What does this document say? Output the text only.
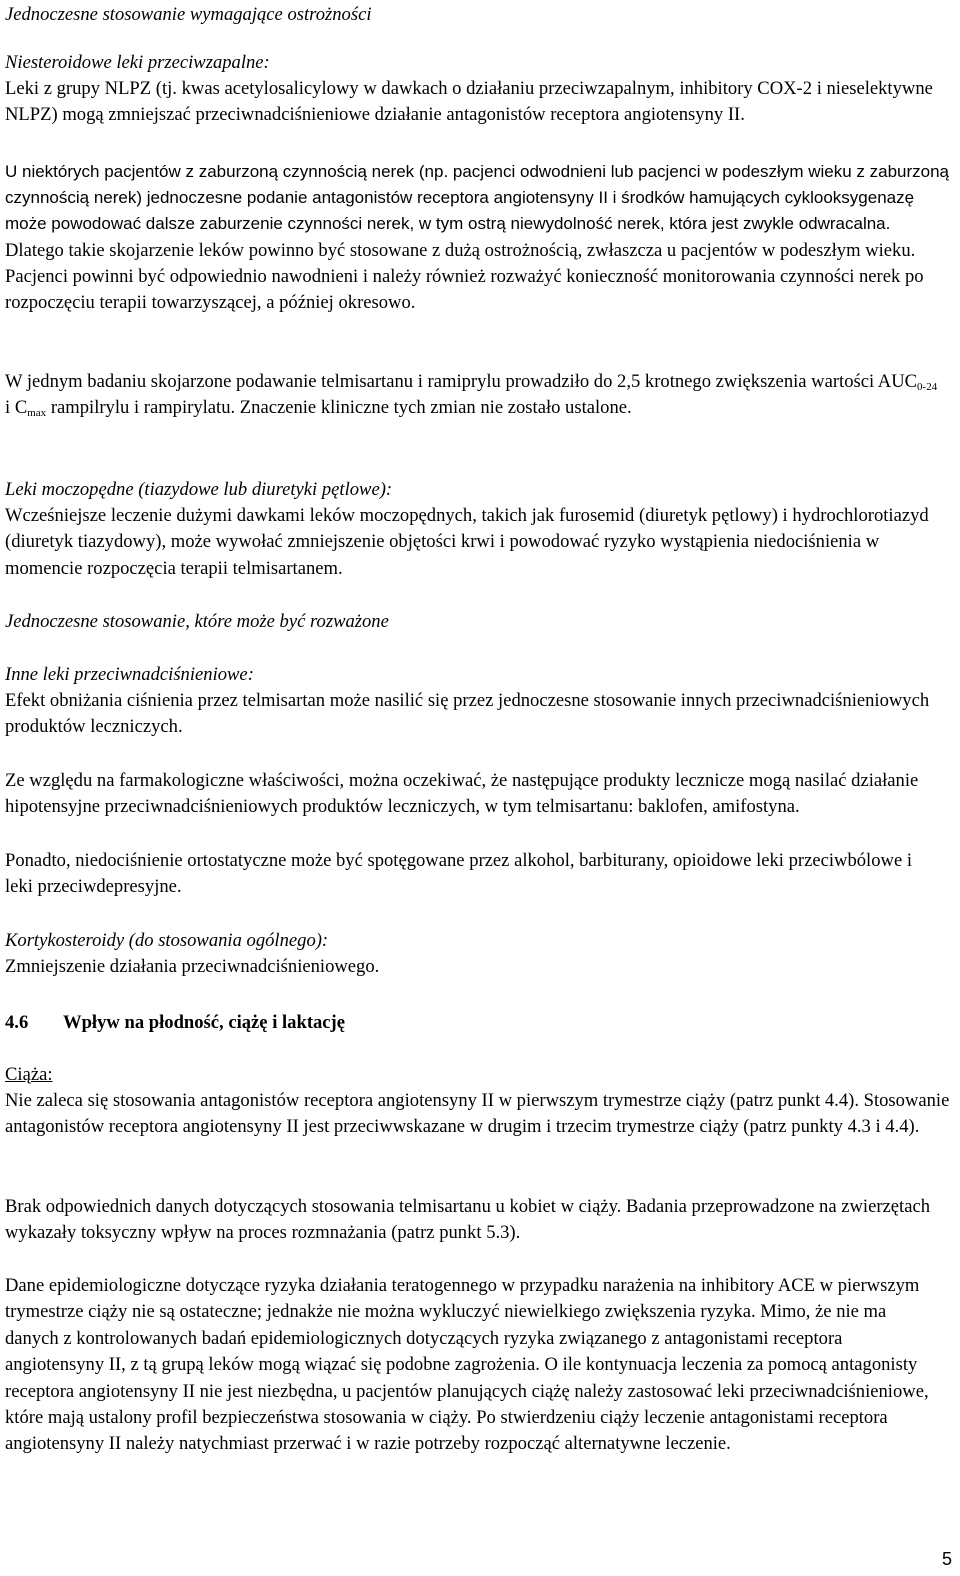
Jednoczesne stosowanie wymagające ostrożności

Niesteroidowe leki przeciwzapalne:

Leki z grupy NLPZ (tj. kwas acetylosalicylowy w dawkach o działaniu przeciwzapalnym, inhibitory COX-2 i nieselektywne NLPZ) mogą zmniejszać przeciwnadciśnieniowe działanie antagonistów receptora angiotensyny II.

U niektórych pacjentów z zaburzoną czynnością nerek (np. pacjenci odwodnieni lub pacjenci w podeszłym wieku z zaburzoną czynnością nerek) jednoczesne podanie antagonistów receptora angiotensyny II i środków hamujących cyklooksygenazę może powodować dalsze zaburzenie czynności nerek, w tym ostrą niewydolność nerek, która jest zwykle odwracalna. Dlatego takie skojarzenie leków powinno być stosowane z dużą ostrożnością, zwłaszcza u pacjentów w podeszłym wieku. Pacjenci powinni być odpowiednio nawodnieni i należy również rozważyć konieczność monitorowania czynności nerek po rozpoczęciu terapii towarzyszącej, a później okresowo.

W jednym badaniu skojarzone podawanie telmisartanu i ramiprylu prowadziło do 2,5 krotnego zwiększenia wartości $AUC_{0-24}$ i $C_{max}$ rampilrylu i rampirylatu. Znaczenie kliniczne tych zmian nie zostało ustalone.

Leki moczopędne (tiazydowe lub diuretyki pętlowe):

Wcześniejsze leczenie dużymi dawkami leków moczopędnych, takich jak furosemid (diuretyk pętlowy) i hydrochlorotiazyd (diuretyk tiazydowy), może wywołać zmniejszenie objętości krwi i powodować ryzyko wystąpienia niedociśnienia w momencie rozpoczęcia terapii telmisartanem.

Jednoczesne stosowanie, które może być rozważone

Inne leki przeciwnadciśnieniowe:

Efekt obniżania ciśnienia przez telmisartan może nasilić się przez jednoczesne stosowanie innych przeciwnadciśnieniowych produktów leczniczych.

Ze względu na farmakologiczne właściwości, można oczekiwać, że następujące produkty lecznicze mogą nasilać działanie hipotensyjne przeciwnadciśnieniowych produktów leczniczych, w tym telmisartanu: baklofen, amifostyna.

Ponadto, niedociśnienie ortostatyczne może być spotęgowane przez alkohol, barbiturany, opioidowe leki przeciwbólowe i leki przeciwdepresyjne.

Kortykosteroidy (do stosowania ogólnego):

Zmniejszenie działania przeciwnadciśnieniowego.

4.6	Wpływ na płodność, ciążę i laktację

Ciąża:

Nie zaleca się stosowania antagonistów receptora angiotensyny II w pierwszym trymestrze ciąży (patrz punkt 4.4). Stosowanie antagonistów receptora angiotensyny II jest przeciwwskazane w drugim i trzecim trymestrze ciąży (patrz punkty 4.3 i 4.4).

Brak odpowiednich danych dotyczących stosowania telmisartanu u kobiet w ciąży. Badania przeprowadzone na zwierzętach wykazały toksyczny wpływ na proces rozmnażania (patrz punkt 5.3).

Dane epidemiologiczne dotyczące ryzyka działania teratogennego w przypadku narażenia na inhibitory ACE w pierwszym trymestrze ciąży nie są ostateczne; jednakże nie można wykluczyć niewielkiego zwiększenia ryzyka. Mimo, że nie ma danych z kontrolowanych badań epidemiologicznych dotyczących ryzyka związanego z antagonistami receptora angiotensyny II, z tą grupą leków mogą wiązać się podobne zagrożenia. O ile kontynuacja leczenia za pomocą antagonisty receptora angiotensyny II nie jest niezbędna, u pacjentów planujących ciążę należy zastosować leki przeciwnadciśnieniowe, które mają ustalony profil bezpieczeństwa stosowania w ciąży. Po stwierdzeniu ciąży leczenie antagonistami receptora angiotensyny II należy natychmiast przerwać i w razie potrzeby rozpocząć alternatywne leczenie.

5
